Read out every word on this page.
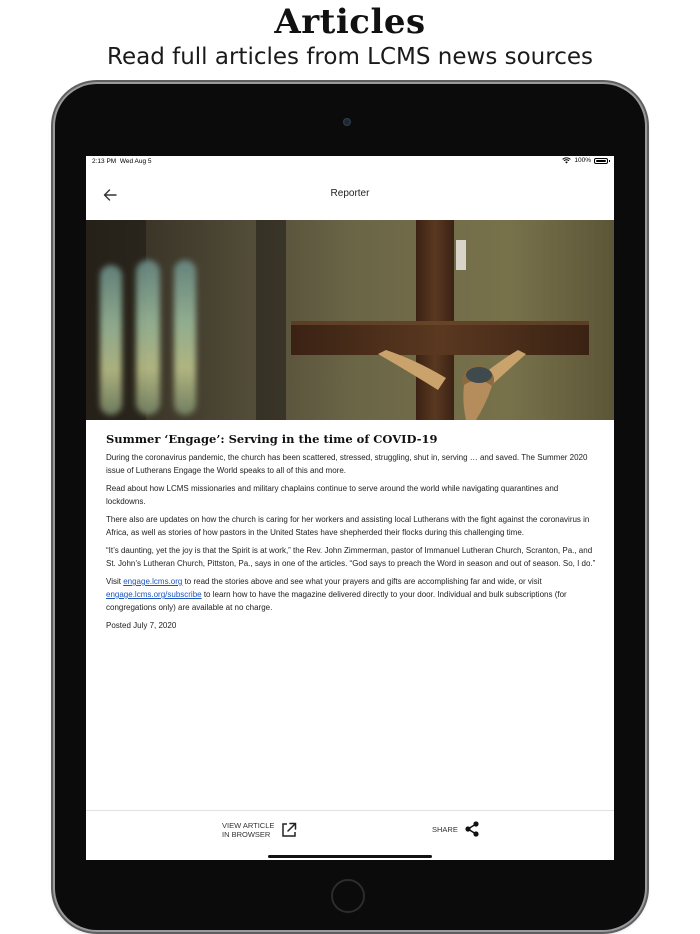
Articles
Read full articles from LCMS news sources
2:13 PM Wed Aug 5	100%
Reporter
Summer ‘Engage’: Serving in the time of COVID-19

During the coronavirus pandemic, the church has been scattered, stressed, struggling, shut in, serving … and saved. The Summer 2020 issue of Lutherans Engage the World speaks to all of this and more.

Read about how LCMS missionaries and military chaplains continue to serve around the world while navigating quarantines and lockdowns.

There also are updates on how the church is caring for her workers and assisting local Lutherans with the fight against the coronavirus in Africa, as well as stories of how pastors in the United States have shepherded their flocks during this challenging time.

“It’s daunting, yet the joy is that the Spirit is at work,” the Rev. John Zimmerman, pastor of Immanuel Lutheran Church, Scranton, Pa., and St. John’s Lutheran Church, Pittston, Pa., says in one of the articles. “God says to preach the Word in season and out of season. So, I do.”

Visit engage.lcms.org to read the stories above and see what your prayers and gifts are accomplishing far and wide, or visit engage.lcms.org/subscribe to learn how to have the magazine delivered directly to your door. Individual and bulk subscriptions (for congregations only) are available at no charge.

Posted July 7, 2020

VIEW ARTICLE
IN BROWSER
SHARE
